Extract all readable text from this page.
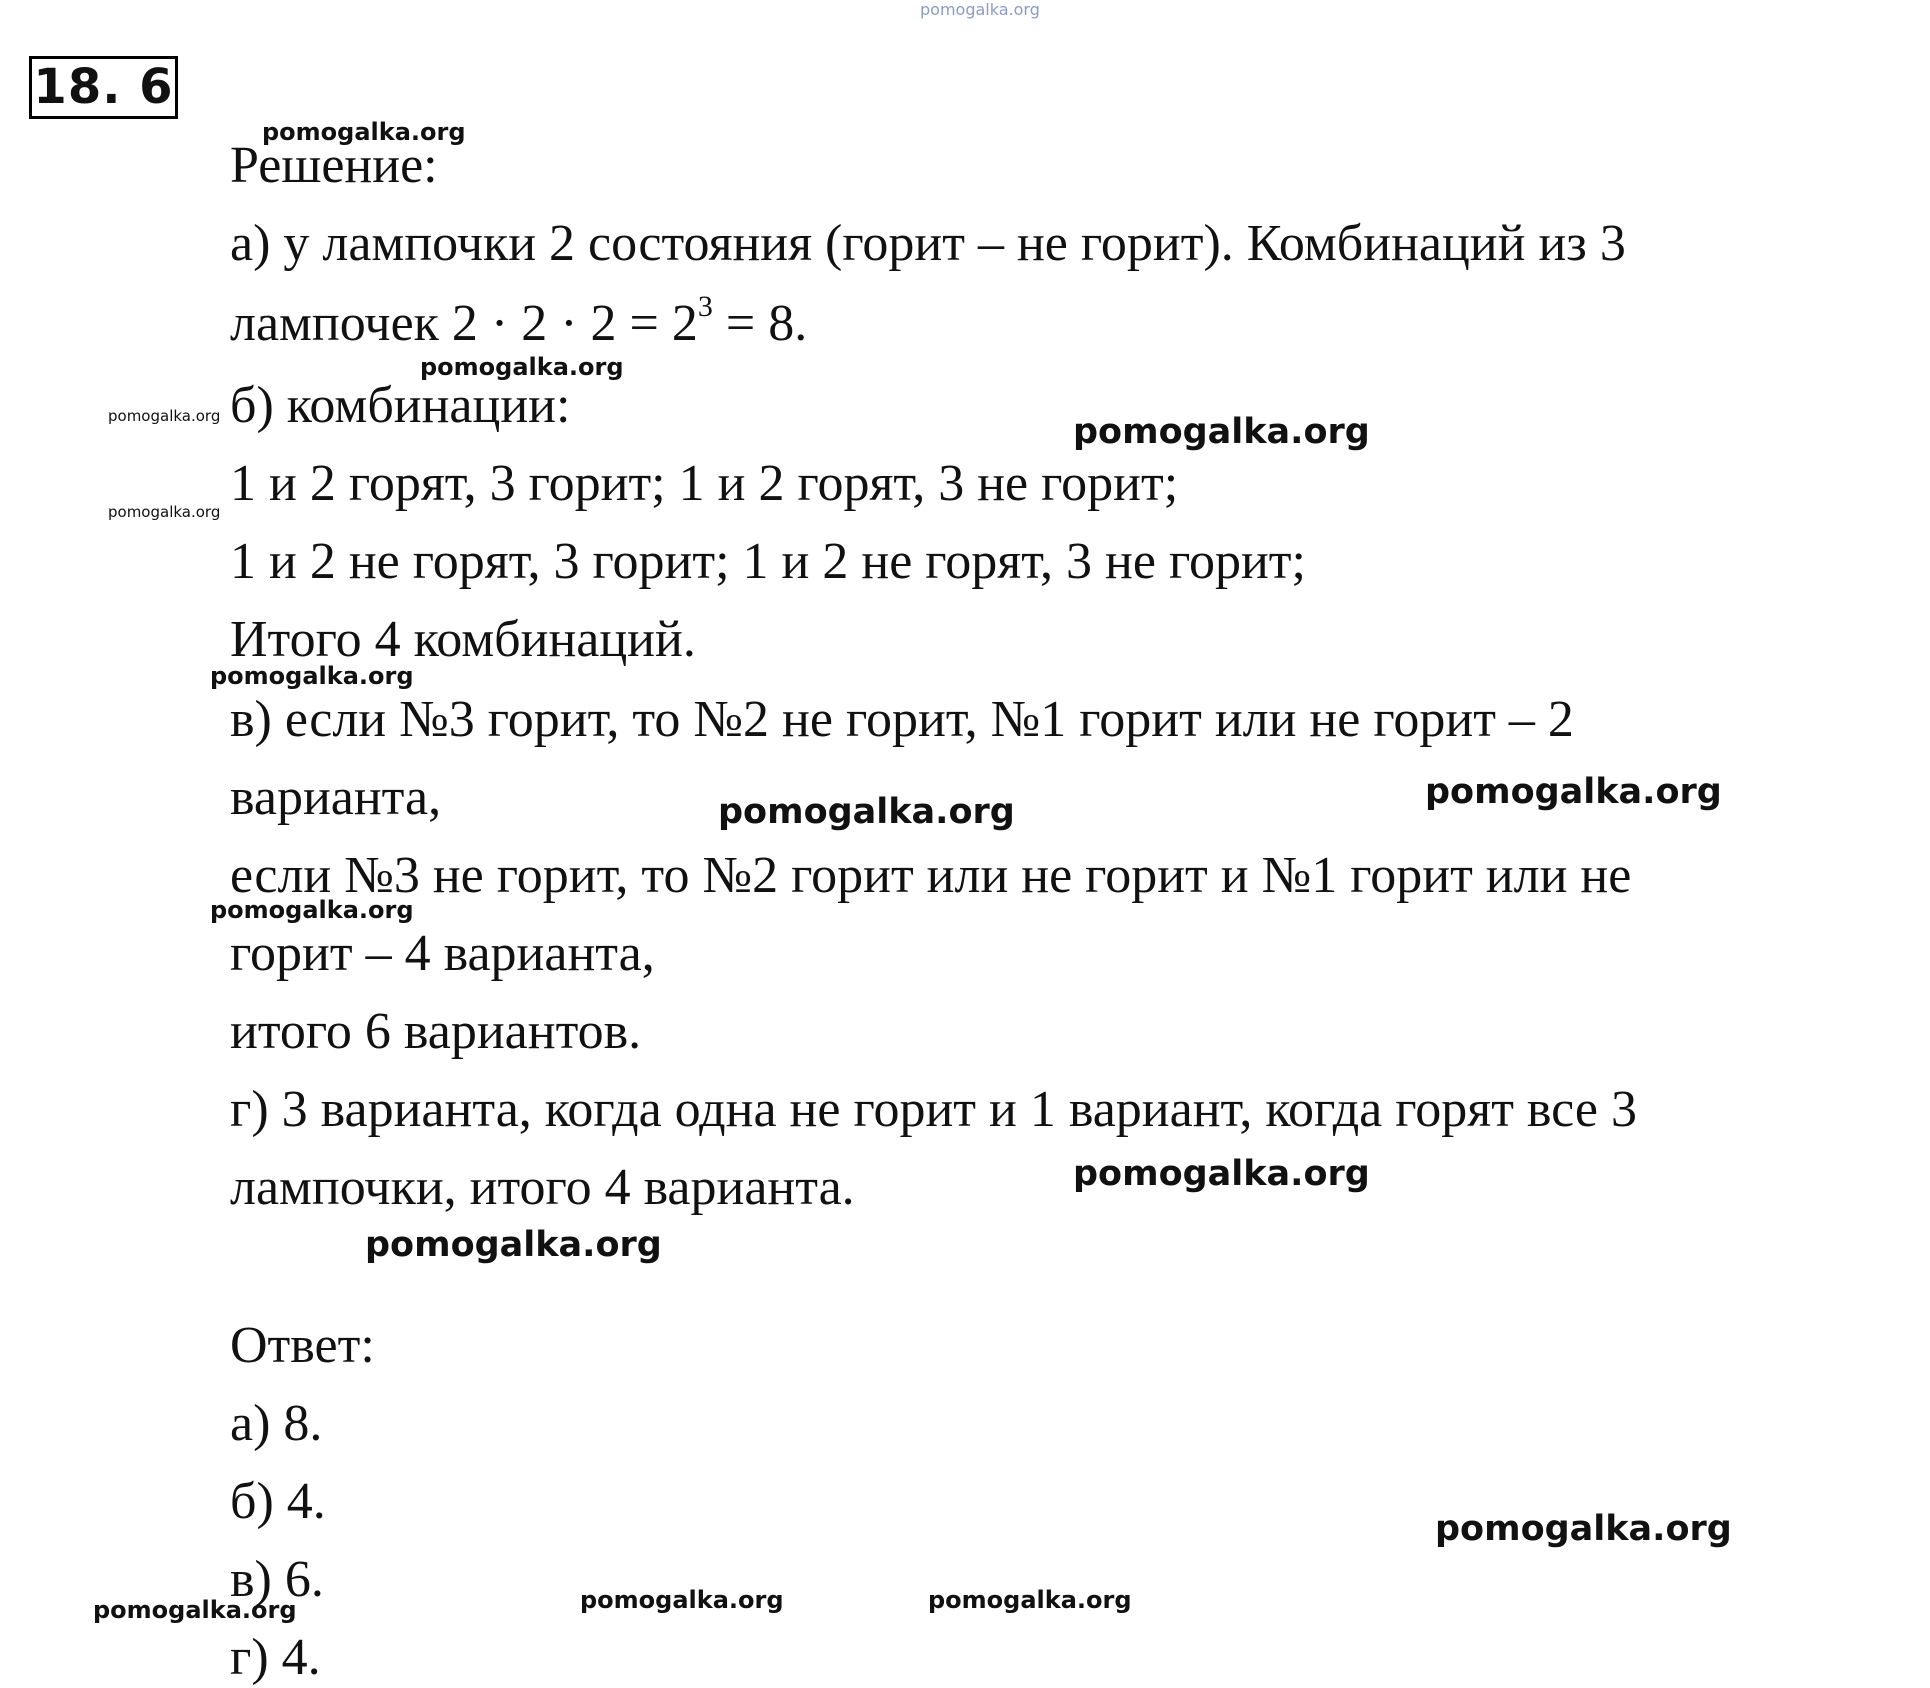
pomogalka.org
18. 6
Решение:
а) у лампочки 2 состояния (горит – не горит). Комбинаций из 3
лампочек $2 \cdot 2 \cdot 2 = 2^3 = 8$.
б) комбинации:
1 и 2 горят, 3 горит; 1 и 2 горят, 3 не горит;
1 и 2 не горят, 3 горит; 1 и 2 не горят, 3 не горит;
Итого 4 комбинаций.
в) если №3 горит, то №2 не горит, №1 горит или не горит – 2
варианта,
если №3 не горит, то №2 горит или не горит и №1 горит или не
горит – 4 варианта,
итого 6 вариантов.
г) 3 варианта, когда одна не горит и 1 вариант, когда горят все 3
лампочки, итого 4 варианта.
Ответ:
а) 8.
б) 4.
в) 6.
г) 4.
pomogalka.org
pomogalka.org
pomogalka.org
pomogalka.org
pomogalka.org
pomogalka.org
pomogalka.org	pomogalka.org
pomogalka.org
pomogalka.org
pomogalka.org
pomogalka.org
pomogalka.org	pomogalka.org	pomogalka.org
